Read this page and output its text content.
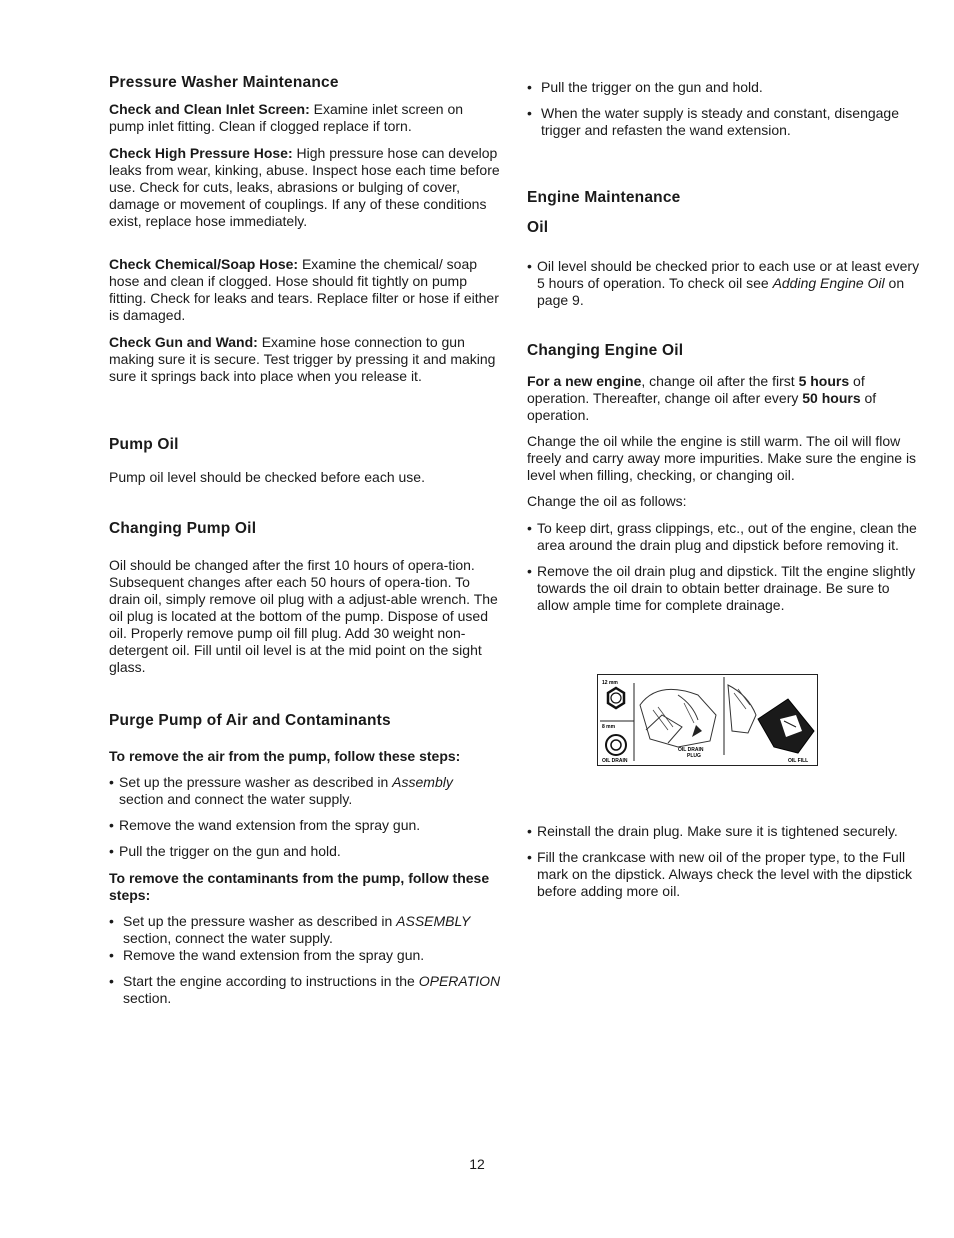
Pressure Washer Maintenance

Check and Clean Inlet Screen: Examine inlet screen on pump inlet fitting. Clean if clogged replace if torn.

Check High Pressure Hose: High pressure hose can develop leaks from wear, kinking, abuse. Inspect hose each time before use. Check for cuts, leaks, abrasions or bulging of cover, damage or movement of couplings. If any of these conditions exist, replace hose immediately.

Check Chemical/Soap Hose: Examine the chemical/ soap hose and clean if clogged. Hose should fit tightly on pump fitting. Check for leaks and tears. Replace filter or hose if either is damaged.

Check Gun and Wand: Examine hose connection to gun making sure it is secure. Test trigger by pressing it and making sure it springs back into place when you release it.

Pump Oil

Pump oil level should be checked before each use.

Changing Pump Oil

Oil should be changed after the first 10 hours of opera-tion. Subsequent changes after each 50 hours of opera-tion. To drain oil, simply remove oil plug with a adjust-able wrench. The oil plug is located at the bottom of the pump. Dispose of used oil. Properly remove pump oil fill plug. Add 30 weight non-detergent oil. Fill until oil level is at the mid point on the sight glass.

Purge Pump of Air and Contaminants

To remove the air from the pump, follow these steps:

• Set up the pressure washer as described in Assembly section and connect the water supply.
• Remove the wand extension from the spray gun.
• Pull the trigger on the gun and hold.

To remove the contaminants from the pump, follow these steps:

• Set up the pressure washer as described in ASSEMBLY section, connect the water supply.
• Remove the wand extension from the spray gun.
• Start the engine according to instructions in the OPERATION section.
• Pull the trigger on the gun and hold.
• When the water supply is steady and constant, disengage trigger and refasten the wand extension.
Engine Maintenance
Oil
• Oil level should be checked prior to each use or at least every 5 hours of operation. To check oil see Adding Engine Oil on page 9.
Changing Engine Oil

For a new engine, change oil after the first 5 hours of operation. Thereafter, change oil after every 50 hours of operation.

Change the oil while the engine is still warm. The oil will flow freely and carry away more impurities. Make sure the engine is level when filling, checking, or changing oil.

Change the oil as follows:

• To keep dirt, grass clippings, etc., out of the engine, clean the area around the drain plug and dipstick before removing it.
• Remove the oil drain plug and dipstick. Tilt the engine slightly towards the oil drain to obtain better drainage. Be sure to allow ample time for complete drainage.
• Reinstall the drain plug. Make sure it is tightened securely.
• Fill the crankcase with new oil of the proper type, to the Full mark on the dipstick. Always check the level with the dipstick before adding more oil.
12 mm
8 mm
OIL DRAIN
PLUG
OIL DRAIN	OIL FILL
12
